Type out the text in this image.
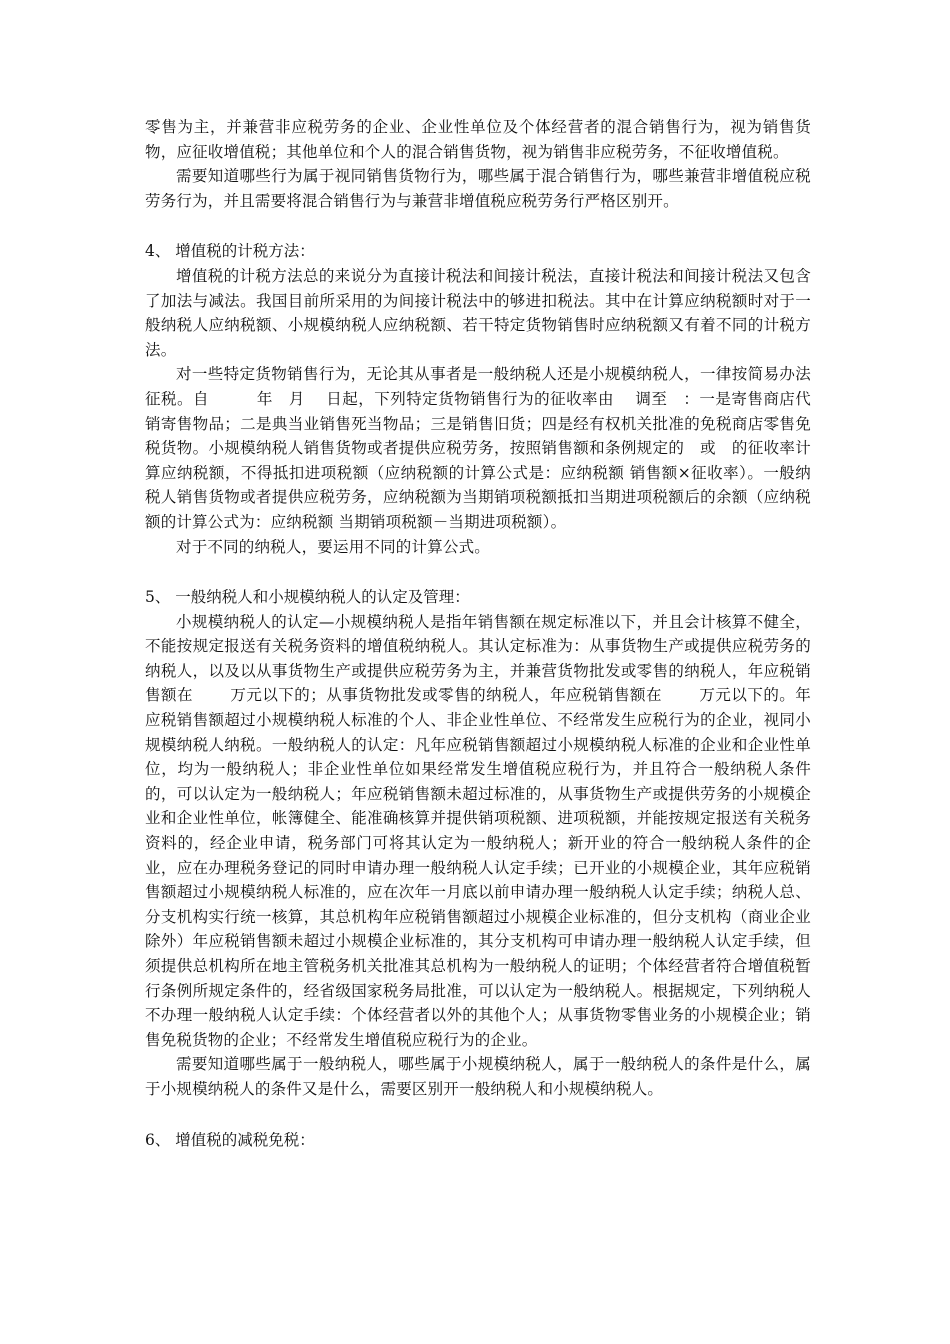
零售为主，并兼营非应税劳务的企业、企业性单位及个体经营者的混合销售行为，视为销售货物，应征收增值税；其他单位和个人的混合销售货物，视为销售非应税劳务，不征收增值税。

需要知道哪些行为属于视同销售货物行为，哪些属于混合销售行为，哪些兼营非增值税应税劳务行为，并且需要将混合销售行为与兼营非增值税应税劳务行严格区别开。

4、 增值税的计税方法：

增值税的计税方法总的来说分为直接计税法和间接计税法，直接计税法和间接计税法又包含了加法与减法。我国目前所采用的为间接计税法中的够进扣税法。其中在计算应纳税额时对于一般纳税人应纳税额、小规模纳税人应纳税额、若干特定货物销售时应纳税额又有着不同的计税方法。

对一些特定货物销售行为，无论其从事者是一般纳税人还是小规模纳税人，一律按简易办法征税。自　　　年　月　 日起，下列特定货物销售行为的征收率由　 调至　：一是寄售商店代销寄售物品；二是典当业销售死当物品；三是销售旧货；四是经有权机关批准的免税商店零售免税货物。小规模纳税人销售货物或者提供应税劳务，按照销售额和条例规定的　或　的征收率计算应纳税额，不得抵扣进项税额（应纳税额的计算公式是：应纳税额 销售额×征收率）。一般纳税人销售货物或者提供应税劳务，应纳税额为当期销项税额抵扣当期进项税额后的余额（应纳税额的计算公式为：应纳税额 当期销项税额－当期进项税额）。

对于不同的纳税人，要运用不同的计算公式。

5、 一般纳税人和小规模纳税人的认定及管理：

小规模纳税人的认定—小规模纳税人是指年销售额在规定标准以下，并且会计核算不健全，不能按规定报送有关税务资料的增值税纳税人。其认定标准为：从事货物生产或提供应税劳务的纳税人，以及以从事货物生产或提供应税劳务为主，并兼营货物批发或零售的纳税人，年应税销售额在　　 万元以下的；从事货物批发或零售的纳税人，年应税销售额在　　 万元以下的。年应税销售额超过小规模纳税人标准的个人、非企业性单位、不经常发生应税行为的企业，视同小规模纳税人纳税。一般纳税人的认定：凡年应税销售额超过小规模纳税人标准的企业和企业性单位，均为一般纳税人；非企业性单位如果经常发生增值税应税行为，并且符合一般纳税人条件的，可以认定为一般纳税人；年应税销售额未超过标准的，从事货物生产或提供劳务的小规模企业和企业性单位，帐簿健全、能准确核算并提供销项税额、进项税额，并能按规定报送有关税务资料的，经企业申请，税务部门可将其认定为一般纳税人；新开业的符合一般纳税人条件的企业，应在办理税务登记的同时申请办理一般纳税人认定手续；已开业的小规模企业，其年应税销售额超过小规模纳税人标准的，应在次年一月底以前申请办理一般纳税人认定手续；纳税人总、分支机构实行统一核算，其总机构年应税销售额超过小规模企业标准的，但分支机构（商业企业除外）年应税销售额未超过小规模企业标准的，其分支机构可申请办理一般纳税人认定手续，但须提供总机构所在地主管税务机关批准其总机构为一般纳税人的证明；个体经营者符合增值税暂行条例所规定条件的，经省级国家税务局批准，可以认定为一般纳税人。根据规定，下列纳税人不办理一般纳税人认定手续：个体经营者以外的其他个人；从事货物零售业务的小规模企业；销售免税货物的企业；不经常发生增值税应税行为的企业。

需要知道哪些属于一般纳税人，哪些属于小规模纳税人，属于一般纳税人的条件是什么，属于小规模纳税人的条件又是什么，需要区别开一般纳税人和小规模纳税人。

6、 增值税的减税免税：
